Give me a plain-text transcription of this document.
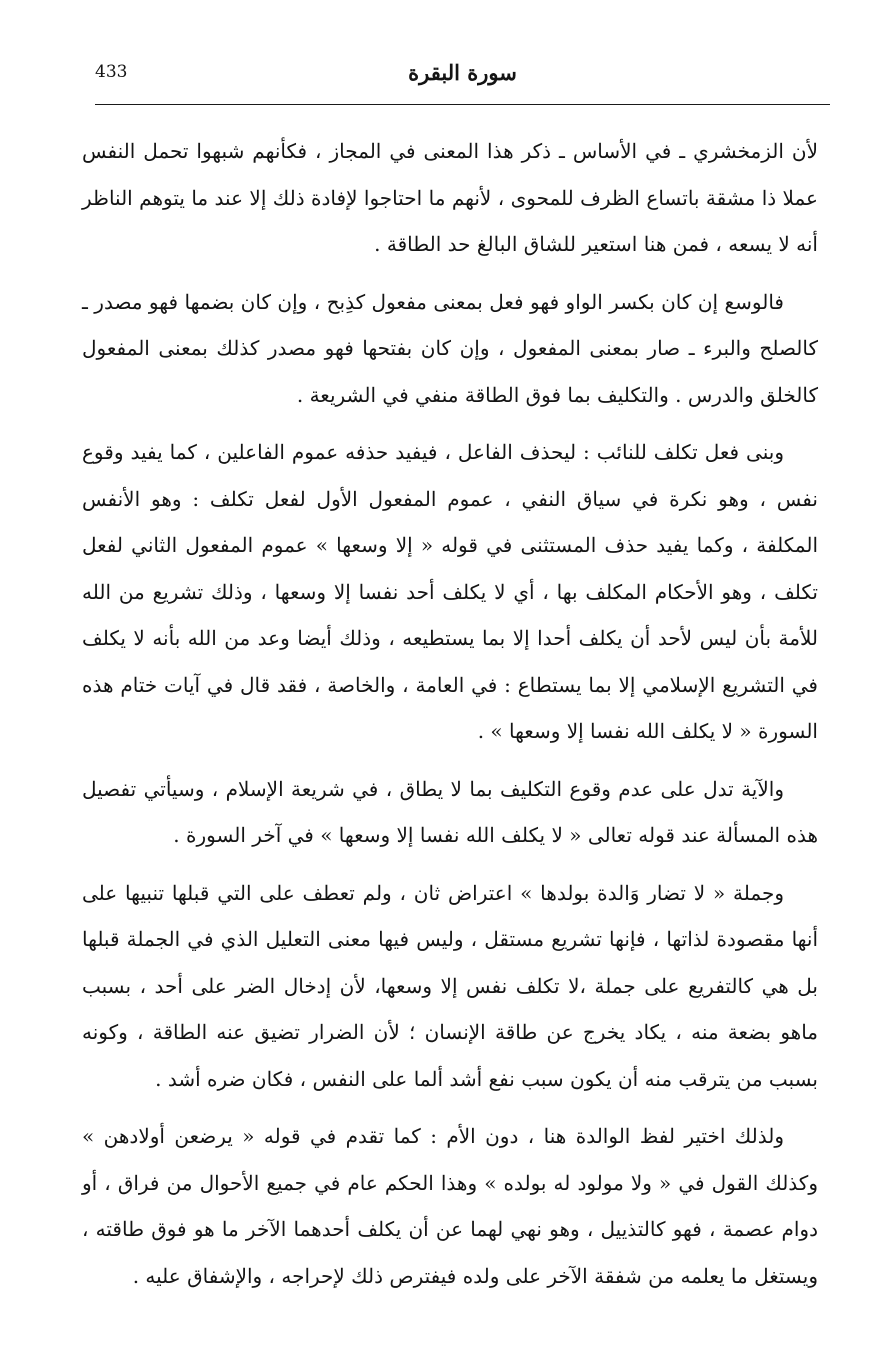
433	سورة البقرة

لأن الزمخشري ـ في الأساس ـ ذكر هذا المعنى في المجاز ، فكأنهم شبهوا تحمل النفس عملا ذا مشقة باتساع الظرف للمحوى ، لأنهم ما احتاجوا لإفادة ذلك إلا عند ما يتوهم الناظر أنه لا يسعه ، فمن هنا استعير للشاق البالغ حد الطاقة .

فالوسع إن كان بكسر الواو فهو فعل بمعنى مفعول كذِبح ، وإن كان بضمها فهو مصدر ـ كالصلح والبرء ـ صار بمعنى المفعول ، وإن كان بفتحها فهو مصدر كذلك بمعنى المفعول كالخلق والدرس . والتكليف بما فوق الطاقة منفي في الشريعة .

وبنى فعل تكلف للنائب : ليحذف الفاعل ، فيفيد حذفه عموم الفاعلين ، كما يفيد وقوع نفس ، وهو نكرة في سياق النفي ، عموم المفعول الأول لفعل تكلف : وهو الأنفس المكلفة ، وكما يفيد حذف المستثنى في قوله « إلا وسعها » عموم المفعول الثاني لفعل تكلف ، وهو الأحكام المكلف بها ، أي لا يكلف أحد نفسا إلا وسعها ، وذلك تشريع من الله للأمة بأن ليس لأحد أن يكلف أحدا إلا بما يستطيعه ، وذلك أيضا وعد من الله بأنه لا يكلف في التشريع الإسلامي إلا بما يستطاع : في العامة ، والخاصة ، فقد قال في آيات ختام هذه السورة « لا يكلف الله نفسا إلا وسعها » .

والآية تدل على عدم وقوع التكليف بما لا يطاق ، في شريعة الإسلام ، وسيأتي تفصيل هذه المسألة عند قوله تعالى « لا يكلف الله نفسا إلا وسعها » في آخر السورة .

وجملة « لا تضار وَالدة بولدها » اعتراض ثان ، ولم تعطف على التي قبلها تنبيها على أنها مقصودة لذاتها ، فإنها تشريع مستقل ، وليس فيها معنى التعليل الذي في الجملة قبلها بل هي كالتفريع على جملة ،لا تكلف نفس إلا وسعها، لأن إدخال الضر على أحد ، بسبب ماهو بضعة منه ، يكاد يخرج عن طاقة الإنسان ؛ لأن الضرار تضيق عنه الطاقة ، وكونه بسبب من يترقب منه أن يكون سبب نفع أشد ألما على النفس ، فكان ضره أشد .

ولذلك اختير لفظ الوالدة هنا ، دون الأم : كما تقدم في قوله « يرضعن أولادهن » وكذلك القول في « ولا مولود له بولده » وهذا الحكم عام في جميع الأحوال من فراق ، أو دوام عصمة ، فهو كالتذييل ، وهو نهي لهما عن أن يكلف أحدهما الآخر ما هو فوق طاقته ، ويستغل ما يعلمه من شفقة الآخر على ولده فيفترص ذلك لإحراجه ، والإشفاق عليه .
